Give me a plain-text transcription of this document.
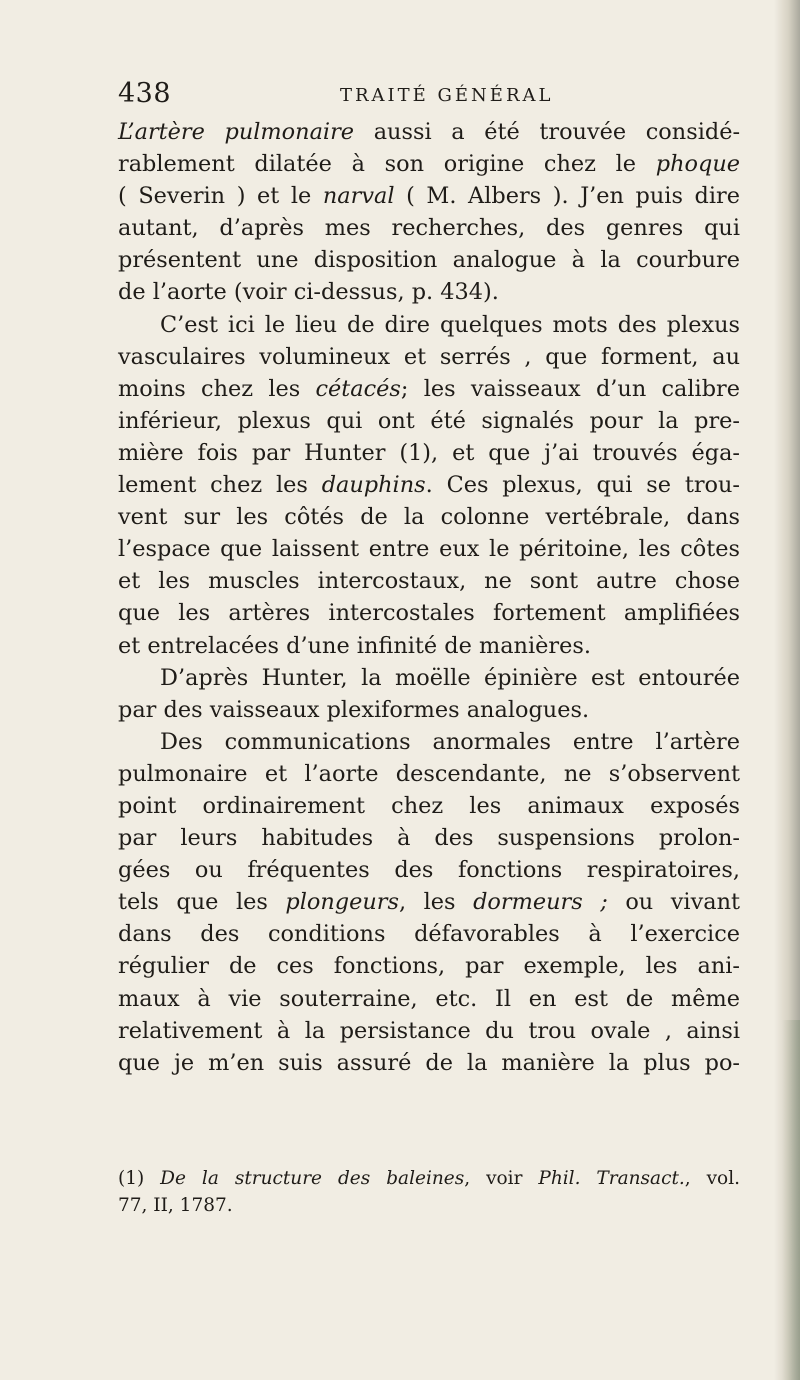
438	TRAITÉ GÉNÉRAL
L’artère pulmonaire aussi a été trouvée considé-
rablement dilatée à son origine chez le phoque
( Severin ) et le narval ( M. Albers ). J’en puis dire
autant, d’après mes recherches, des genres qui
présentent une disposition analogue à la courbure
de l’aorte (voir ci-dessus, p. 434).
C’est ici le lieu de dire quelques mots des plexus
vasculaires volumineux et serrés , que forment, au
moins chez les cétacés; les vaisseaux d’un calibre
inférieur, plexus qui ont été signalés pour la pre-
mière fois par Hunter (1), et que j’ai trouvés éga-
lement chez les dauphins. Ces plexus, qui se trou-
vent sur les côtés de la colonne vertébrale, dans
l’espace que laissent entre eux le péritoine, les côtes
et les muscles intercostaux, ne sont autre chose
que les artères intercostales fortement amplifiées
et entrelacées d’une infinité de manières.
D’après Hunter, la moëlle épinière est entourée
par des vaisseaux plexiformes analogues.
Des communications anormales entre l’artère
pulmonaire et l’aorte descendante, ne s’observent
point ordinairement chez les animaux exposés
par leurs habitudes à des suspensions prolon-
gées ou fréquentes des fonctions respiratoires,
tels que les plongeurs, les dormeurs ; ou vivant
dans des conditions défavorables à l’exercice
régulier de ces fonctions, par exemple, les ani-
maux à vie souterraine, etc. Il en est de même
relativement à la persistance du trou ovale , ainsi
que je m’en suis assuré de la manière la plus po-
(1) De la structure des baleines, voir Phil. Transact., vol.
77, II, 1787.
